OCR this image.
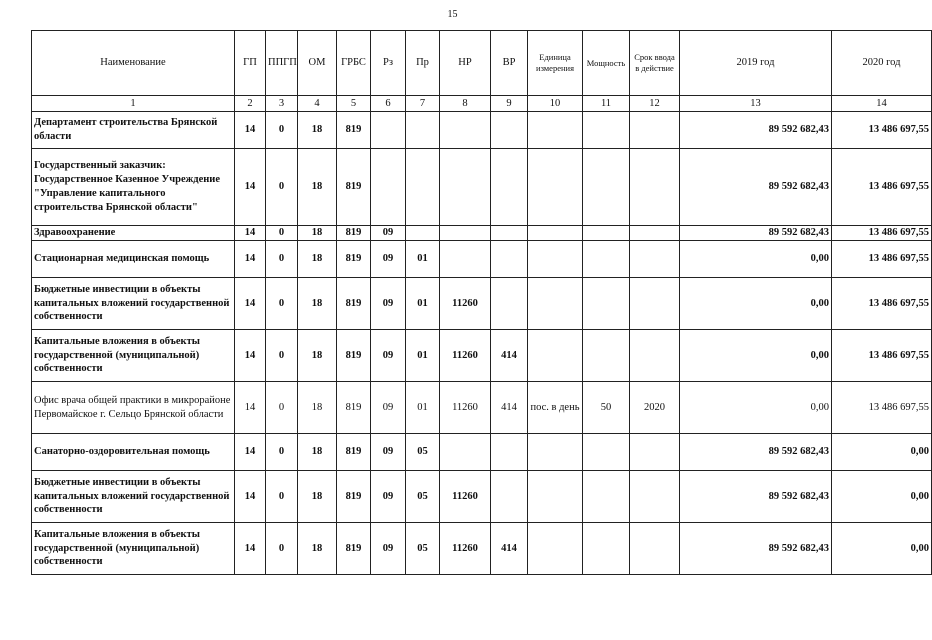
15
Наименование	ГП	ППГП	ОМ	ГРБС	Рз	Пр	НР	ВР	Единица измерения	Мощность	Срок ввода в действие	2019 год	2020 год
1	2	3	4	5	6	7	8	9	10	11	12	13	14
Департамент строительства Брянской области	14	0	18	819								89 592 682,43	13 486 697,55
Государственный заказчик: Государственное Казенное Учреждение "Управление капитального строительства Брянской области"	14	0	18	819								89 592 682,43	13 486 697,55
Здравоохранение	14	0	18	819	09							89 592 682,43	13 486 697,55
Стационарная медицинская помощь	14	0	18	819	09	01						0,00	13 486 697,55
Бюджетные инвестиции в объекты капитальных вложений государственной собственности	14	0	18	819	09	01	11260					0,00	13 486 697,55
Капитальные вложения в объекты государственной (муниципальной) собственности	14	0	18	819	09	01	11260	414				0,00	13 486 697,55
Офис врача общей практики в микрорайоне Первомайское г. Сельцо Брянской области	14	0	18	819	09	01	11260	414	пос. в день	50	2020	0,00	13 486 697,55
Санаторно-оздоровительная помощь	14	0	18	819	09	05						89 592 682,43	0,00
Бюджетные инвестиции в объекты капитальных вложений государственной собственности	14	0	18	819	09	05	11260					89 592 682,43	0,00
Капитальные вложения в объекты государственной (муниципальной) собственности	14	0	18	819	09	05	11260	414				89 592 682,43	0,00
